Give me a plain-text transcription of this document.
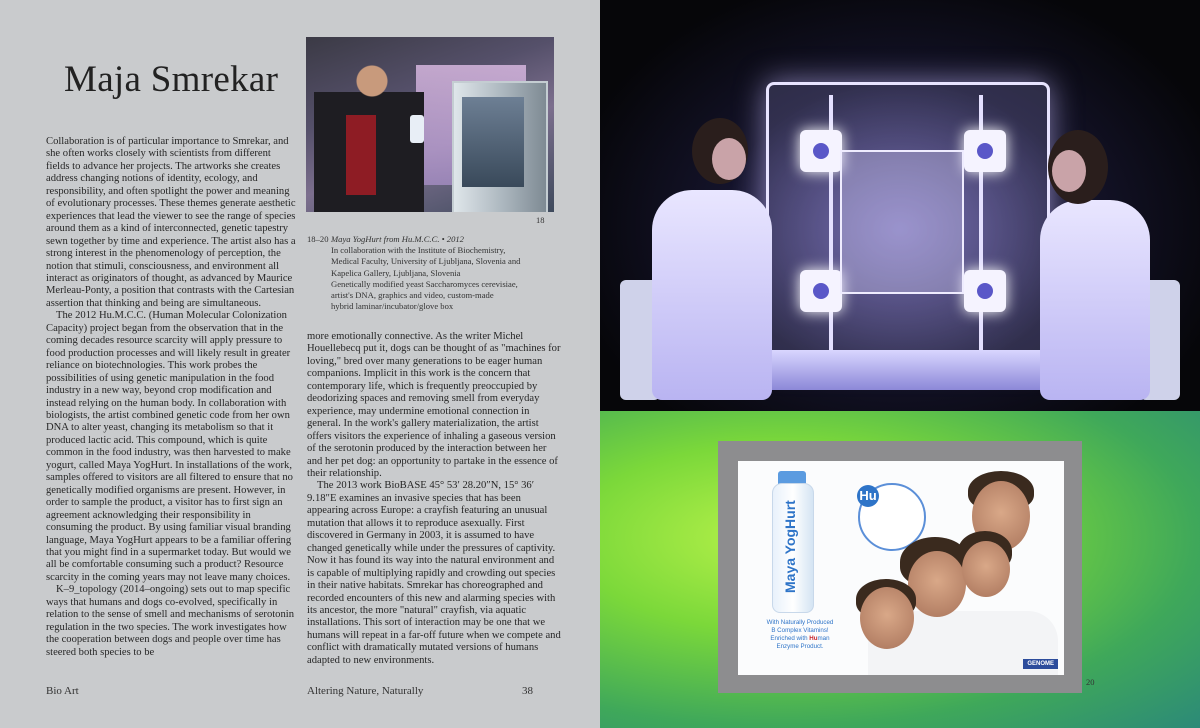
Maja Smrekar
18
18–20 Maya YogHurt from Hu.M.C.C. • 2012
In collaboration with the Institute of Biochemistry,
Medical Faculty, University of Ljubljana, Slovenia and
Kapelica Gallery, Ljubljana, Slovenia
Genetically modified yeast Saccharomyces cerevisiae,
artist's DNA, graphics and video, custom-made
hybrid laminar/incubator/glove box

Collaboration is of particular importance to Smrekar, and she often works closely with scientists from different fields to advance her projects. The artworks she creates address changing notions of identity, ecology, and responsibility, and often spotlight the power and meaning of evolutionary processes. These themes generate aesthetic experiences that lead the viewer to see the range of species around them as a kind of interconnected, genetic tapestry sewn together by time and experience. The artist also has a strong interest in the phenomenology of perception, the notion that stimuli, consciousness, and environment all interact as originators of thought, as advanced by Maurice Merleau-Ponty, a position that contrasts with the Cartesian assertion that thinking and being are simultaneous.

The 2012 Hu.M.C.C. (Human Molecular Colonization Capacity) project began from the observation that in the coming decades resource scarcity will apply pressure to food production processes and will likely result in greater reliance on biotechnologies. This work probes the possibilities of using genetic manipulation in the food industry in a new way, beyond crop modification and instead relying on the human body. In collaboration with biologists, the artist combined genetic code from her own DNA to alter yeast, changing its metabolism so that it produced lactic acid. This compound, which is quite common in the food industry, was then harvested to make yogurt, called Maya YogHurt. In installations of the work, samples offered to visitors are all filtered to ensure that no genetically modified organisms are present. However, in order to sample the product, a visitor has to first sign an agreement acknowledging their responsibility in consuming the product. By using familiar visual branding language, Maya YogHurt appears to be a familiar offering that you might find in a supermarket today. But would we all be comfortable consuming such a product? Resource scarcity in the coming years may not leave many choices.

K–9_topology (2014–ongoing) sets out to map specific ways that humans and dogs co-evolved, specifically in relation to the sense of smell and mechanisms of serotonin regulation in the two species. The work investigates how the cooperation between dogs and people over time has steered both species to be

more emotionally connective. As the writer Michel Houellebecq put it, dogs can be thought of as "machines for loving," bred over many generations to be eager human companions. Implicit in this work is the concern that contemporary life, which is frequently preoccupied by deodorizing spaces and removing smell from everyday experience, may undermine emotional connection in general. In the work's gallery materialization, the artist offers visitors the experience of inhaling a gaseous version of the serotonin produced by the interaction between her and her pet dog: an opportunity to partake in the essence of their relationship.

The 2013 work BioBASE 45° 53′ 28.20″N, 15° 36′ 9.18″E examines an invasive species that has been appearing across Europe: a crayfish featuring an unusual mutation that allows it to reproduce asexually. First discovered in Germany in 2003, it is assumed to have changed genetically while under the pressures of captivity. Now it has found its way into the natural environment and is capable of multiplying rapidly and crowding out species in their native habitats. Smrekar has choreographed and recorded encounters of this new and alarming species with its ancestor, the more "natural" crayfish, via aquatic installations. This sort of interaction may be one that we humans will repeat in a far-off future when we compete and conflict with dramatically mutated versions of humans adapted to new environments.

Bio Art	Altering Nature, Naturally	38
Maya YogHurt
Hu
With Naturally Produced
B Complex Vitamins!
Enriched with Human
Enzyme Product.
GENOME
20
